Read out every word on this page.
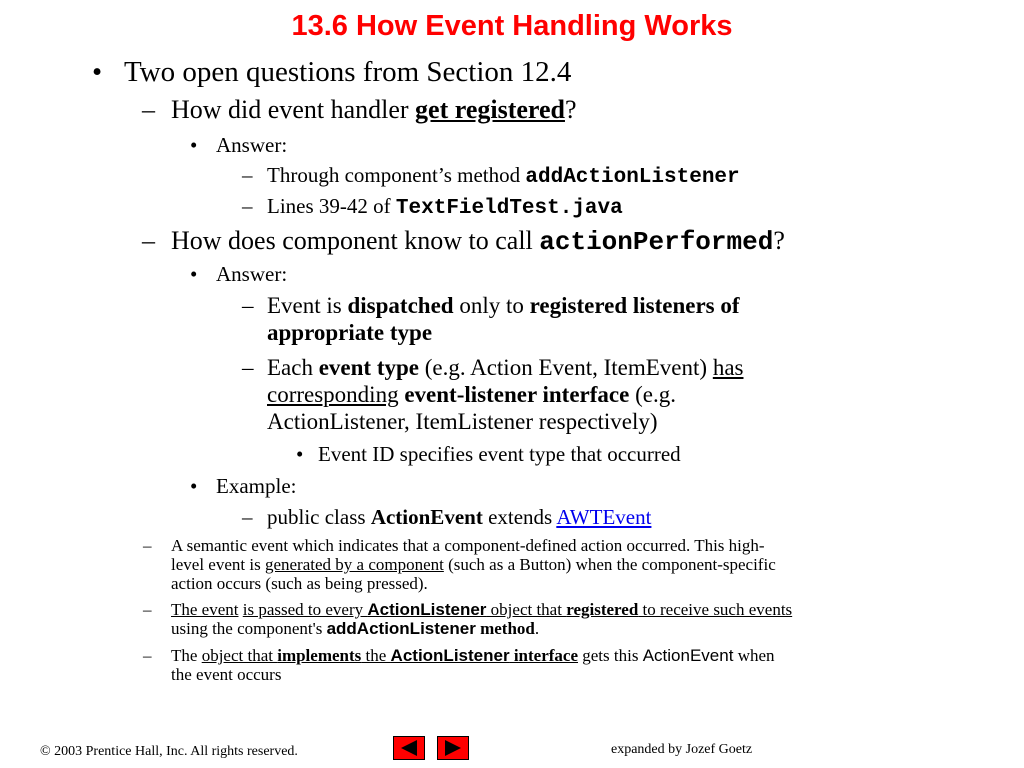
13.6 How Event Handling Works
• Two open questions from Section 12.4
– How did event handler get registered?
• Answer:
– Through component’s method addActionListener
– Lines 39-42 of TextFieldTest.java
– How does component know to call actionPerformed?
• Answer:
– Event is dispatched only to registered listeners of
appropriate type
– Each event type (e.g. Action Event, ItemEvent) has
corresponding event-listener interface (e.g.
ActionListener, ItemListener respectively)
• Event ID specifies event type that occurred
• Example:
– public class ActionEvent extends AWTEvent
– A semantic event which indicates that a component-defined action occurred. This high-
level event is generated by a component (such as a Button) when the component-specific
action occurs (such as being pressed).
– The event is passed to every ActionListener object that registered to receive such events
using the component's addActionListener method.
– The object that implements the ActionListener interface gets this ActionEvent when
the event occurs
© 2003 Prentice Hall, Inc. All rights reserved.	expanded by Jozef Goetz
